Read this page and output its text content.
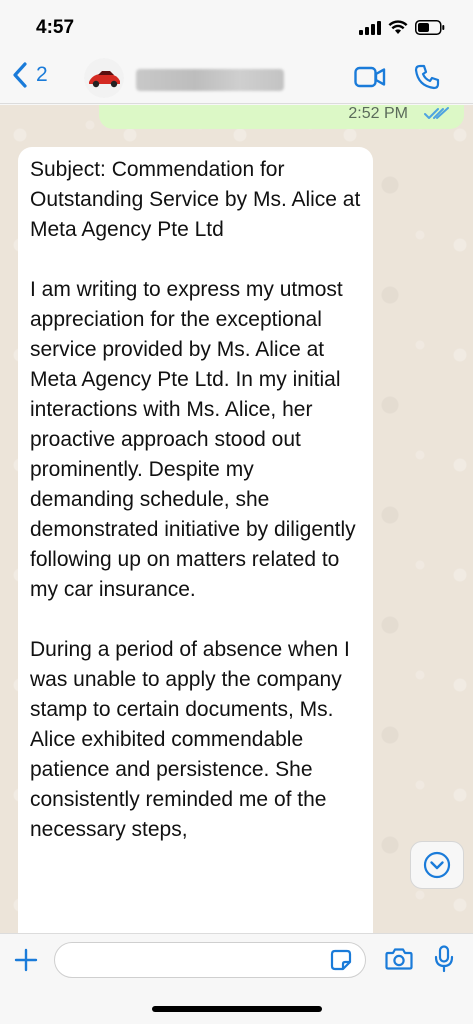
4:57
2
2:52 PM

Subject: Commendation for Outstanding Service by Ms. Alice at Meta Agency Pte Ltd

I am writing to express my utmost appreciation for the exceptional service provided by Ms. Alice at Meta Agency Pte Ltd. In my initial interactions with Ms. Alice, her proactive approach stood out prominently. Despite my demanding schedule, she demonstrated initiative by diligently following up on matters related to my car insurance.

During a period of absence when I was unable to apply the company stamp to certain documents, Ms. Alice exhibited commendable patience and persistence. She consistently reminded me of the necessary steps,
